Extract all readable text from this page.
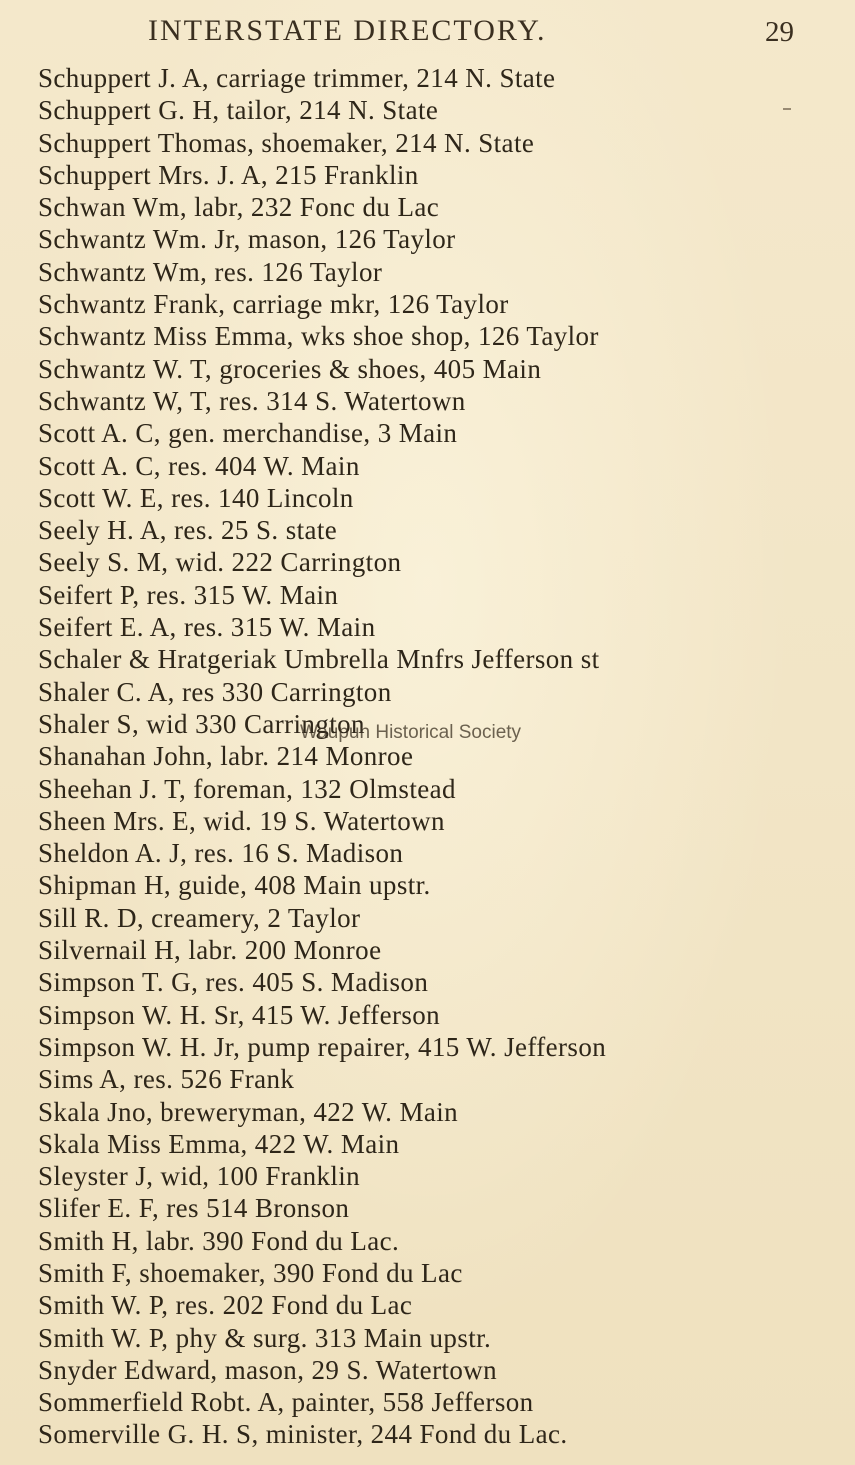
INTERSTATE DIRECTORY.	29
Schuppert J. A, carriage trimmer, 214 N. State
Schuppert G. H, tailor, 214 N. State
Schuppert Thomas, shoemaker, 214 N. State
Schuppert Mrs. J. A, 215 Franklin
Schwan Wm, labr, 232 Fonc du Lac
Schwantz Wm. Jr, mason, 126 Taylor
Schwantz Wm, res. 126 Taylor
Schwantz Frank, carriage mkr, 126 Taylor
Schwantz Miss Emma, wks shoe shop, 126 Taylor
Schwantz W. T, groceries & shoes, 405 Main
Schwantz W, T, res. 314 S. Watertown
Scott A. C, gen. merchandise, 3 Main
Scott A. C, res. 404 W. Main
Scott W. E, res. 140 Lincoln
Seely H. A, res. 25 S. state
Seely S. M, wid. 222 Carrington
Seifert P, res. 315 W. Main
Seifert E. A, res. 315 W. Main
Schaler & Hratgeriak Umbrella Mnfrs Jefferson st
Shaler C. A, res 330 Carrington
Shaler S, wid 330 Carrington
Shanahan John, labr. 214 Monroe
Sheehan J. T, foreman, 132 Olmstead
Sheen Mrs. E, wid. 19 S. Watertown
Sheldon A. J, res. 16 S. Madison
Shipman H, guide, 408 Main upstr.
Sill R. D, creamery, 2 Taylor
Silvernail H, labr. 200 Monroe
Simpson T. G, res. 405 S. Madison
Simpson W. H. Sr, 415 W. Jefferson
Simpson W. H. Jr, pump repairer, 415 W. Jefferson
Sims A, res. 526 Frank
Skala Jno, breweryman, 422 W. Main
Skala Miss Emma, 422 W. Main
Sleyster J, wid, 100 Franklin
Slifer E. F, res 514 Bronson
Smith H, labr. 390 Fond du Lac.
Smith F, shoemaker, 390 Fond du Lac
Smith W. P, res. 202 Fond du Lac
Smith W. P, phy & surg. 313 Main upstr.
Snyder Edward, mason, 29 S. Watertown
Sommerfield Robt. A, painter, 558 Jefferson
Somerville G. H. S, minister, 244 Fond du Lac.
Waupun Historical Society
